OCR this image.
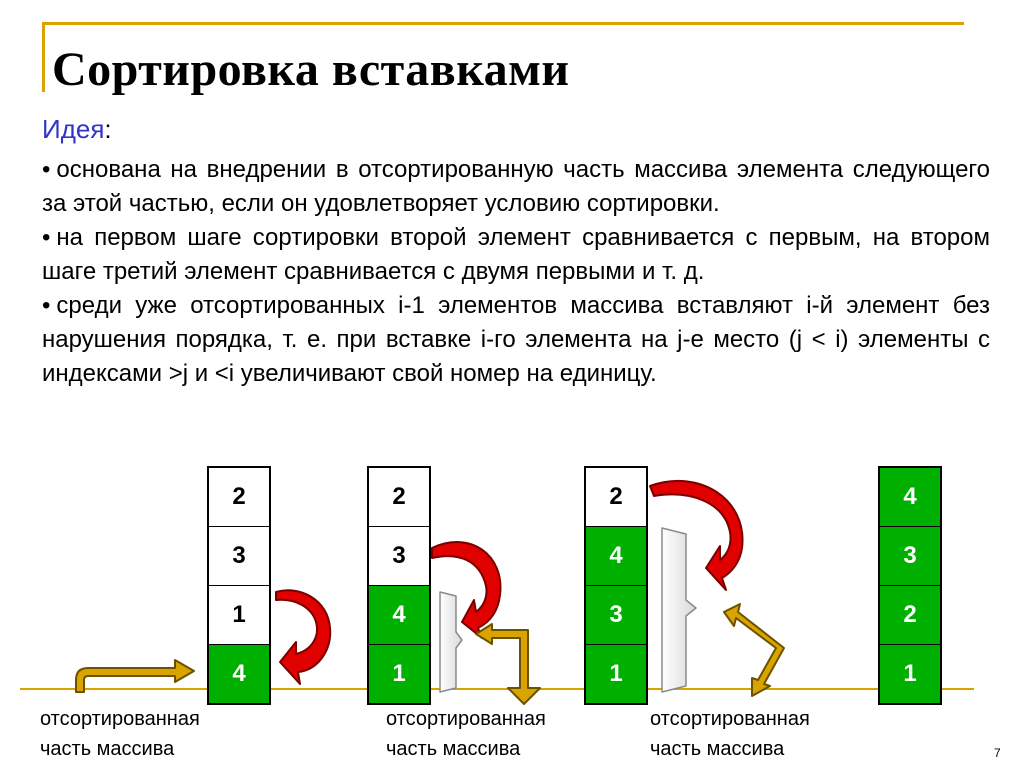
Сортировка вставками
Идея:
• основана на внедрении в отсортированную часть массива элемента следующего за этой частью, если он удовлетворяет условию сортировки.
• на первом шаге сортировки второй элемент сравнивается с первым, на втором шаге третий элемент сравнивается с двумя первыми и т. д.
• среди уже отсортированных i-1 элементов массива вставляют i-й элемент без нарушения порядка, т. е. при вставке i-го элемента на j-е место (j < i) элементы с индексами >j и <i увеличивают свой номер на единицу.
2
3
1
4
2
3
4
1
2
4
3
1
4
3
2
1
отсортированная
часть массива
отсортированная
часть массива
отсортированная
часть массива	7
